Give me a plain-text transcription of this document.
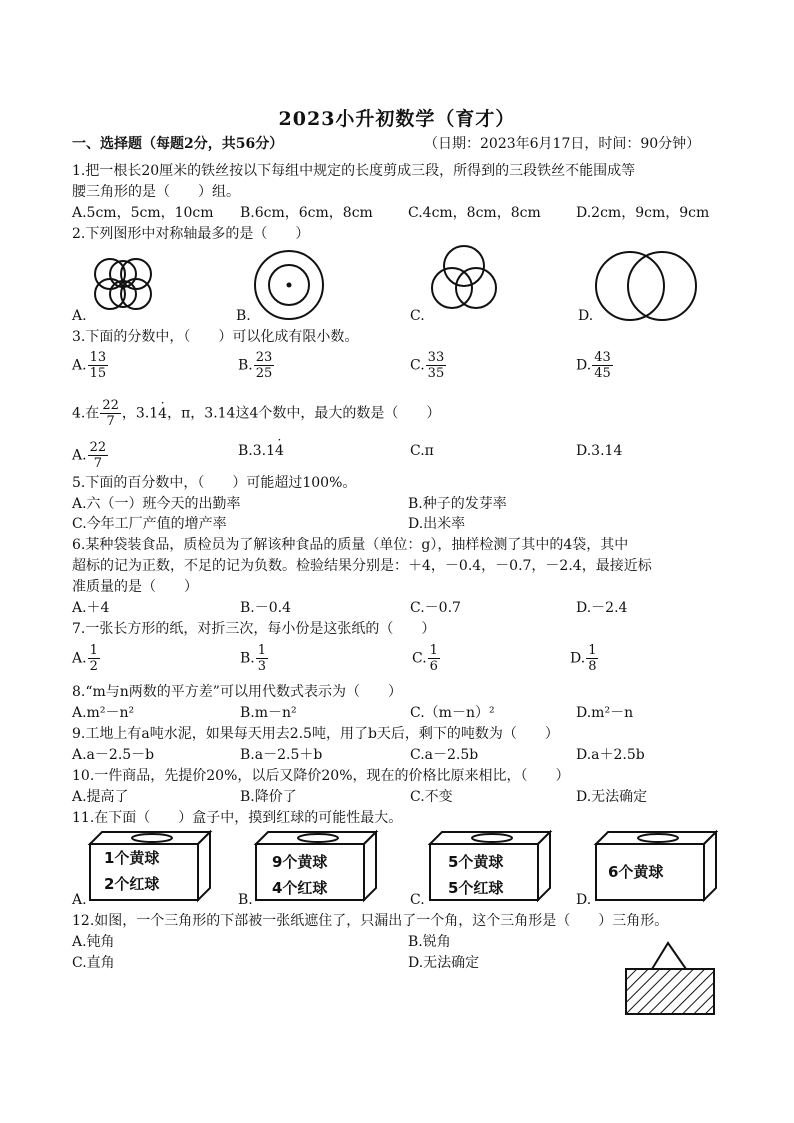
2023小升初数学（育才）
一、选择题（每题2分，共56分）	（日期：2023年6月17日，时间：90分钟）
1.把一根长20厘米的铁丝按以下每组中规定的长度剪成三段，所得到的三段铁丝不能围成等
腰三角形的是（　　）组。
A.5cm，5cm，10cm B.6cm，6cm，8cm	C.4cm，8cm，8cm	D.2cm，9cm，9cm
2.下列图形中对称轴最多的是（　　）
A.	B.	C.	D.
3.下面的分数中，（　　）可以化成有限小数。
A. $\frac{13}{15}$	B. $\frac{23}{25}$	C. $\frac{33}{35}$	D. $\frac{43}{45}$
4.在 $\frac{22}{7}$ ，3.1· 4，π，3.14这4个数中，最大的数是（　　）
A. $\frac{22}{7}$	B.3.1· 4	C.π	D.3.14
5.下面的百分数中，（　　）可能超过100%。
A.六（一）班今天的出勤率	B.种子的发芽率
C.今年工厂产值的增产率	D.出米率
6.某种袋装食品，质检员为了解该种食品的质量（单位：g），抽样检测了其中的4袋，其中
超标的记为正数，不足的记为负数。检验结果分别是：＋4，－0.4，－0.7，－2.4，最接近标
准质量的是（　　）
A.＋4	B.－0.4	C.－0.7	D.－2.4
7.一张长方形的纸，对折三次，每小份是这张纸的（　　）
A. $\frac{1}{2}$	B. $\frac{1}{3}$	C. $\frac{1}{6}$	D. $\frac{1}{8}$
8.“m与n两数的平方差”可以用代数式表示为（　　）
A.m²－n²	B.m－n²	C.（m－n）²	D.m²－n
9.工地上有a吨水泥，如果每天用去2.5吨，用了b天后，剩下的吨数为（　　）
A.a－2.5－b	B.a－2.5＋b	C.a－2.5b	D.a＋2.5b
10.一件商品，先提价20%，以后又降价20%，现在的价格比原来相比，（　　）
A.提高了	B.降价了	C.不变	D.无法确定
11.在下面（　　）盒子中，摸到红球的可能性最大。
1个黄球
2个红球
A.
9个黄球
4个红球
B.
5个黄球
5个红球
C.
6个黄球
D.
12.如图，一个三角形的下部被一张纸遮住了，只漏出了一个角，这个三角形是（　　）三角形。
A.钝角	B.锐角
C.直角	D.无法确定
